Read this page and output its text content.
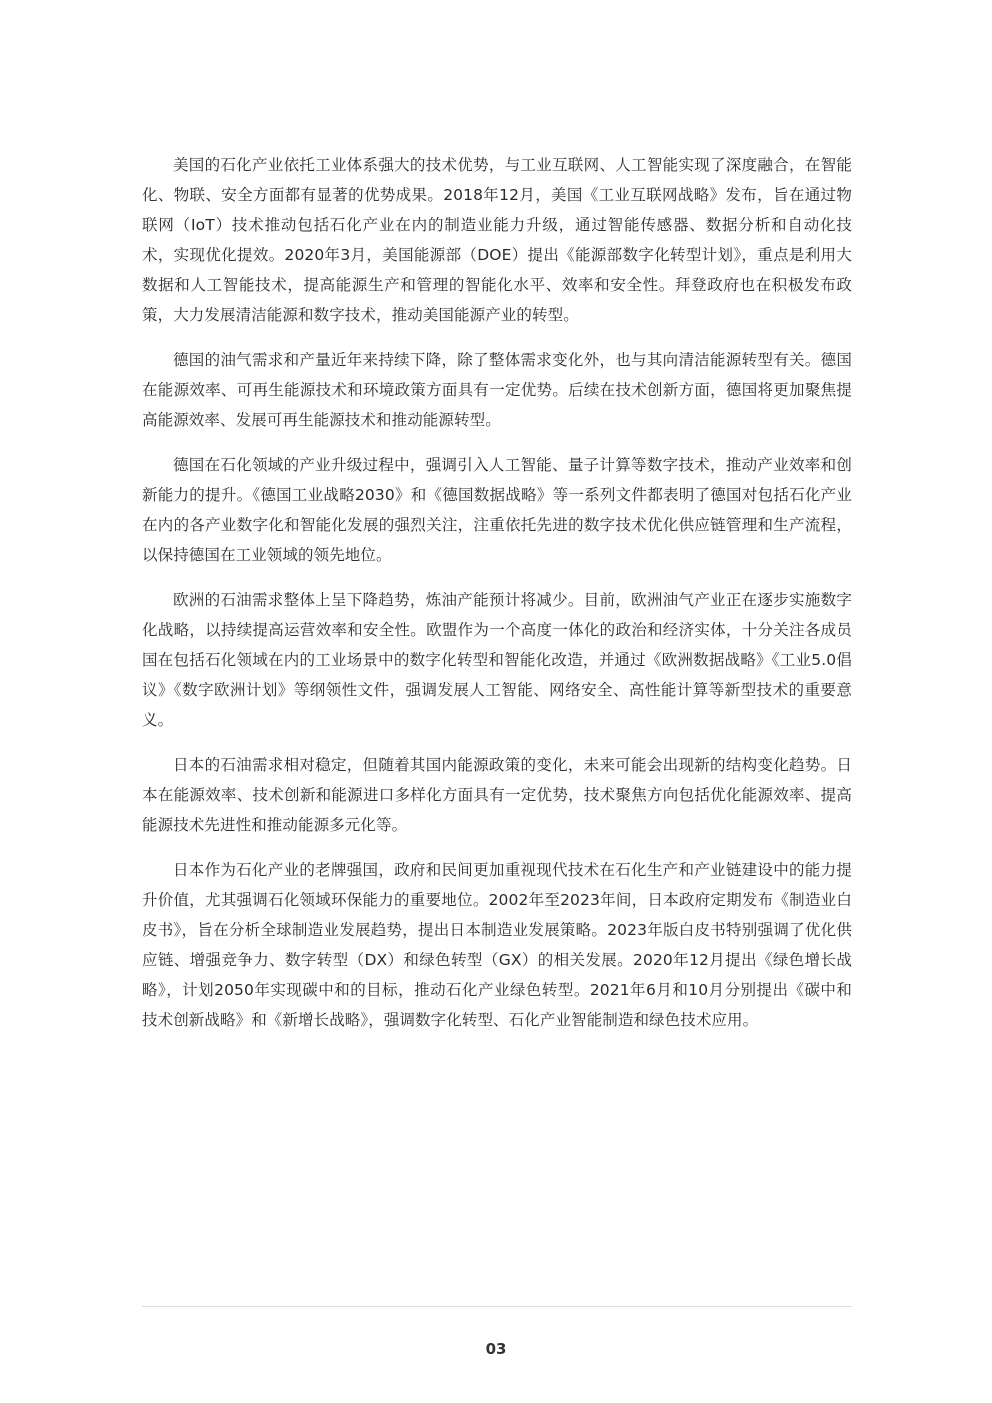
美国的石化产业依托工业体系强大的技术优势，与工业互联网、人工智能实现了深度融合，在智能化、物联、安全方面都有显著的优势成果。2018年12月，美国《工业互联网战略》发布，旨在通过物联网（IoT）技术推动包括石化产业在内的制造业能力升级，通过智能传感器、数据分析和自动化技术，实现优化提效。2020年3月，美国能源部（DOE）提出《能源部数字化转型计划》，重点是利用大数据和人工智能技术，提高能源生产和管理的智能化水平、效率和安全性。拜登政府也在积极发布政策，大力发展清洁能源和数字技术，推动美国能源产业的转型。

德国的油气需求和产量近年来持续下降，除了整体需求变化外，也与其向清洁能源转型有关。德国在能源效率、可再生能源技术和环境政策方面具有一定优势。后续在技术创新方面，德国将更加聚焦提高能源效率、发展可再生能源技术和推动能源转型。

德国在石化领域的产业升级过程中，强调引入人工智能、量子计算等数字技术，推动产业效率和创新能力的提升。《德国工业战略2030》和《德国数据战略》等一系列文件都表明了德国对包括石化产业在内的各产业数字化和智能化发展的强烈关注，注重依托先进的数字技术优化供应链管理和生产流程，以保持德国在工业领域的领先地位。

欧洲的石油需求整体上呈下降趋势，炼油产能预计将减少。目前，欧洲油气产业正在逐步实施数字化战略，以持续提高运营效率和安全性。欧盟作为一个高度一体化的政治和经济实体，十分关注各成员国在包括石化领域在内的工业场景中的数字化转型和智能化改造，并通过《欧洲数据战略》《工业5.0倡议》《数字欧洲计划》等纲领性文件，强调发展人工智能、网络安全、高性能计算等新型技术的重要意义。

日本的石油需求相对稳定，但随着其国内能源政策的变化，未来可能会出现新的结构变化趋势。日本在能源效率、技术创新和能源进口多样化方面具有一定优势，技术聚焦方向包括优化能源效率、提高能源技术先进性和推动能源多元化等。

日本作为石化产业的老牌强国，政府和民间更加重视现代技术在石化生产和产业链建设中的能力提升价值，尤其强调石化领域环保能力的重要地位。2002年至2023年间，日本政府定期发布《制造业白皮书》，旨在分析全球制造业发展趋势，提出日本制造业发展策略。2023年版白皮书特别强调了优化供应链、增强竞争力、数字转型（DX）和绿色转型（GX）的相关发展。2020年12月提出《绿色增长战略》，计划2050年实现碳中和的目标，推动石化产业绿色转型。2021年6月和10月分别提出《碳中和技术创新战略》和《新增长战略》，强调数字化转型、石化产业智能制造和绿色技术应用。

03
